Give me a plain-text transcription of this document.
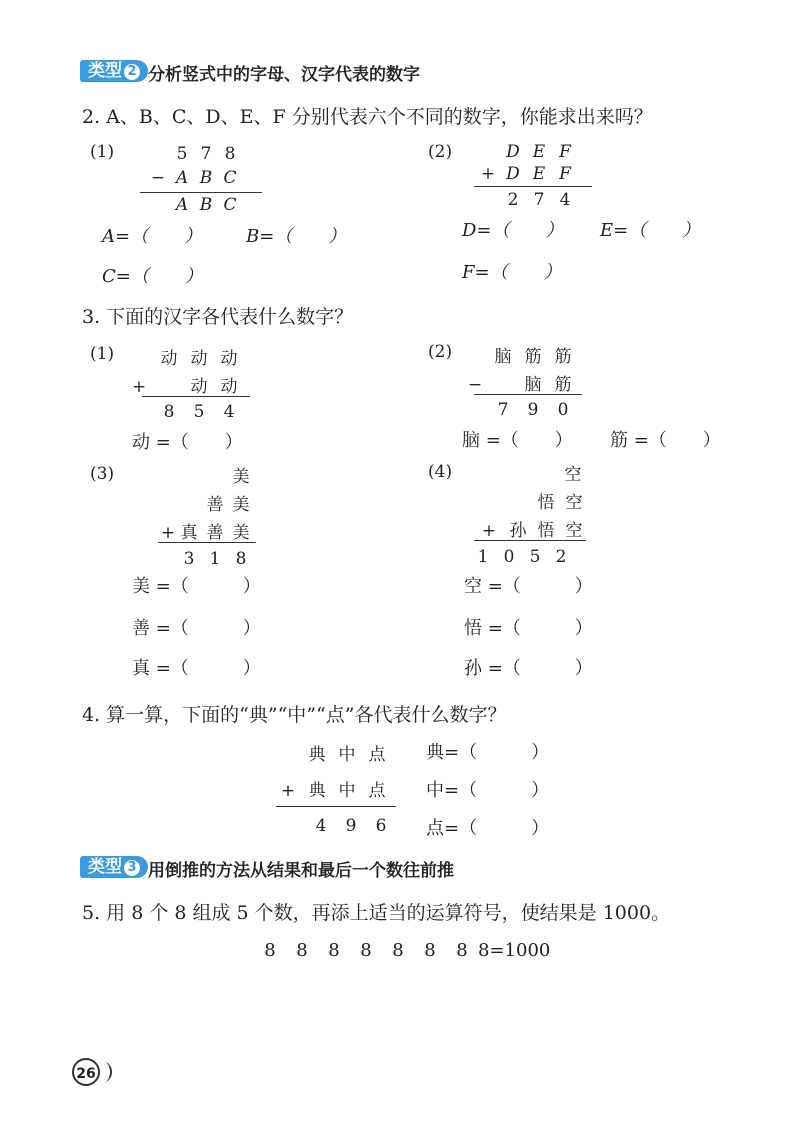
类型 2 分析竖式中的字母、汉字代表的数字
2. A、B、C、D、E、F 分别代表六个不同的数字，你能求出来吗？
(1)	5 7 8
− A B C
A B C
A=（　　） B=（　　）
C=（　　）
(2)	D E F
+ D E F
2 7 4
D=（　　） E=（　　）
F=（　　）
3. 下面的汉字各代表什么数字？
(1)	动 动 动
+	动 动
8 5 4
动 =（　　）
(2)	脑 筋 筋
− 脑 筋
7 9 0
脑 =（　　） 筋 =（　　）
(3)	美
善 美
+ 真 善 美
3 1 8
美 =（　　　）
善 =（　　　）
真 =（　　　）
(4)	空
悟 空
+ 孙 悟 空
1 0 5 2
空 =（　　　）
悟 =（　　　）
孙 =（　　　）
4. 算一算，下面的“典”“中”“点”各代表什么数字？
典 中 点
+ 典 中 点
4 9 6
典=（　　　）
中=（　　　）
点=（　　　）
类型 3 用倒推的方法从结果和最后一个数往前推
5. 用 8 个 8 组成 5 个数，再添上适当的运算符号，使结果是 1000。
8 8 8 8 8 8 8 8=1000
26
